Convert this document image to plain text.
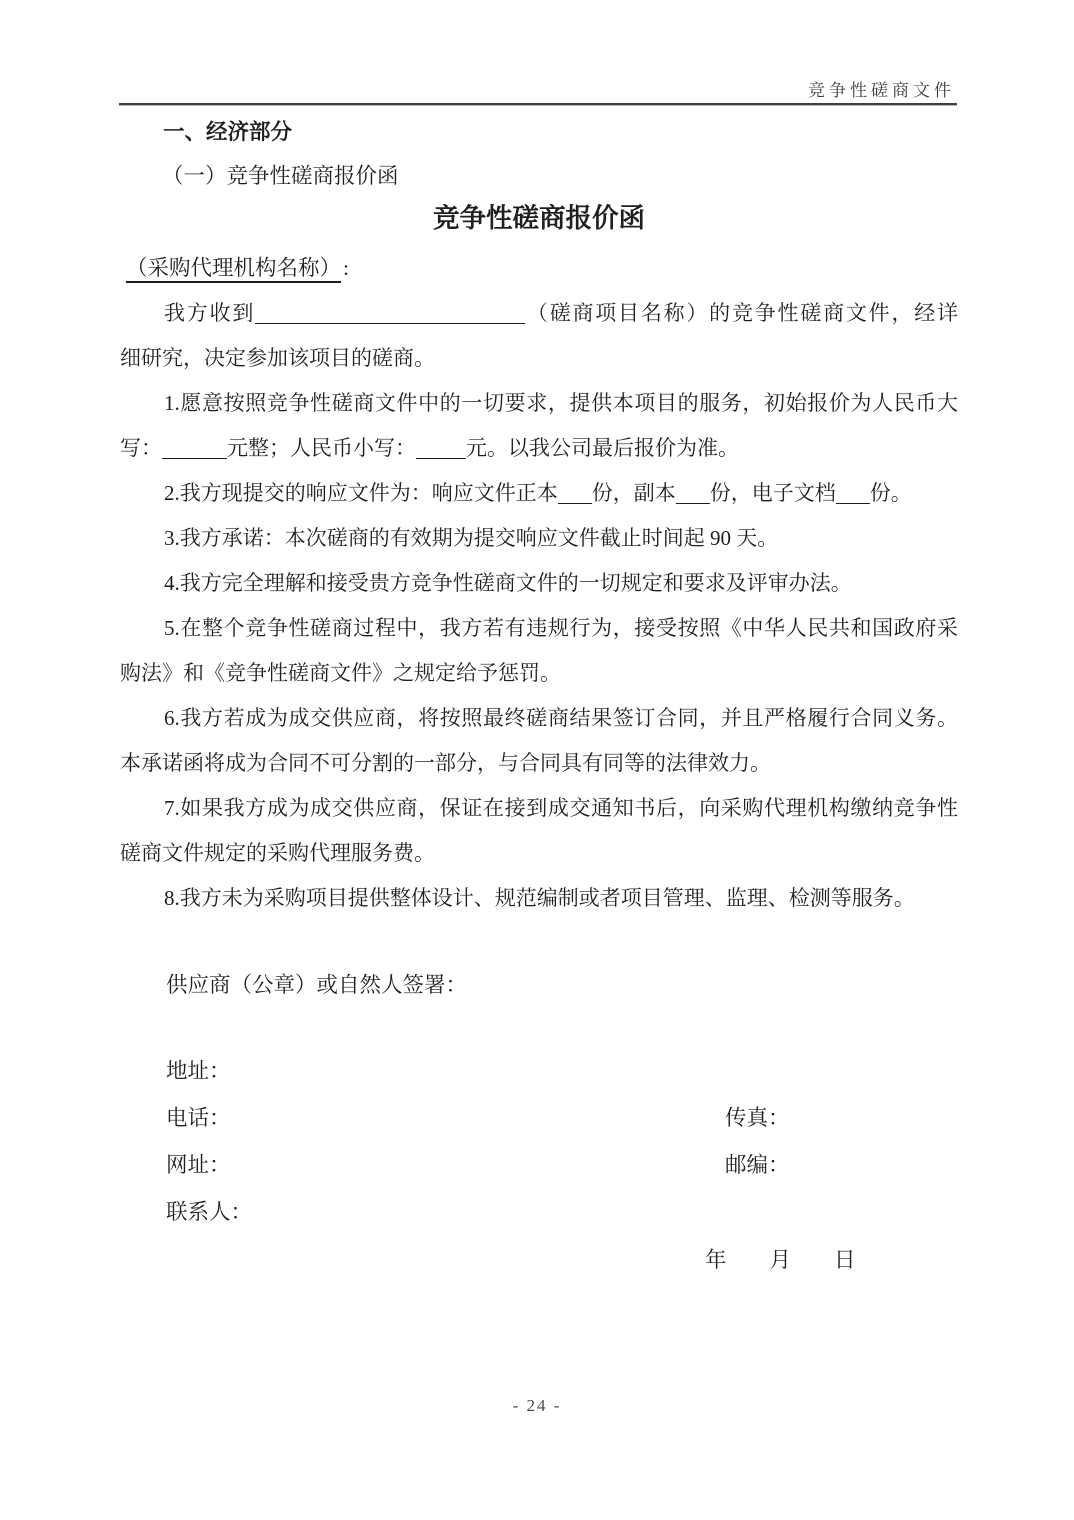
竞争性磋商文件
一、经济部分
（一）竞争性磋商报价函
竞争性磋商报价函
（采购代理机构名称）:
我方收到	（磋商项目名称）的竞争性磋商文件，经详
细研究，决定参加该项目的磋商。
1.愿意按照竞争性磋商文件中的一切要求，提供本项目的服务，初始报价为人民币大
写：	元整；人民币小写： 元。以我公司最后报价为准。
2.我方现提交的响应文件为：响应文件正本 份，副本 份，电子文档 份。
3.我方承诺：本次磋商的有效期为提交响应文件截止时间起 90 天。
4.我方完全理解和接受贵方竞争性磋商文件的一切规定和要求及评审办法。
5.在整个竞争性磋商过程中，我方若有违规行为，接受按照《中华人民共和国政府采
购法》和《竞争性磋商文件》之规定给予惩罚。
6.我方若成为成交供应商，将按照最终磋商结果签订合同，并且严格履行合同义务。
本承诺函将成为合同不可分割的一部分，与合同具有同等的法律效力。
7.如果我方成为成交供应商，保证在接到成交通知书后，向采购代理机构缴纳竞争性
磋商文件规定的采购代理服务费。
8.我方未为采购项目提供整体设计、规范编制或者项目管理、监理、检测等服务。
供应商（公章）或自然人签署：
地址：
电话：	传真：
网址：	邮编：
联系人：
年　　月　　日
- 24 -
